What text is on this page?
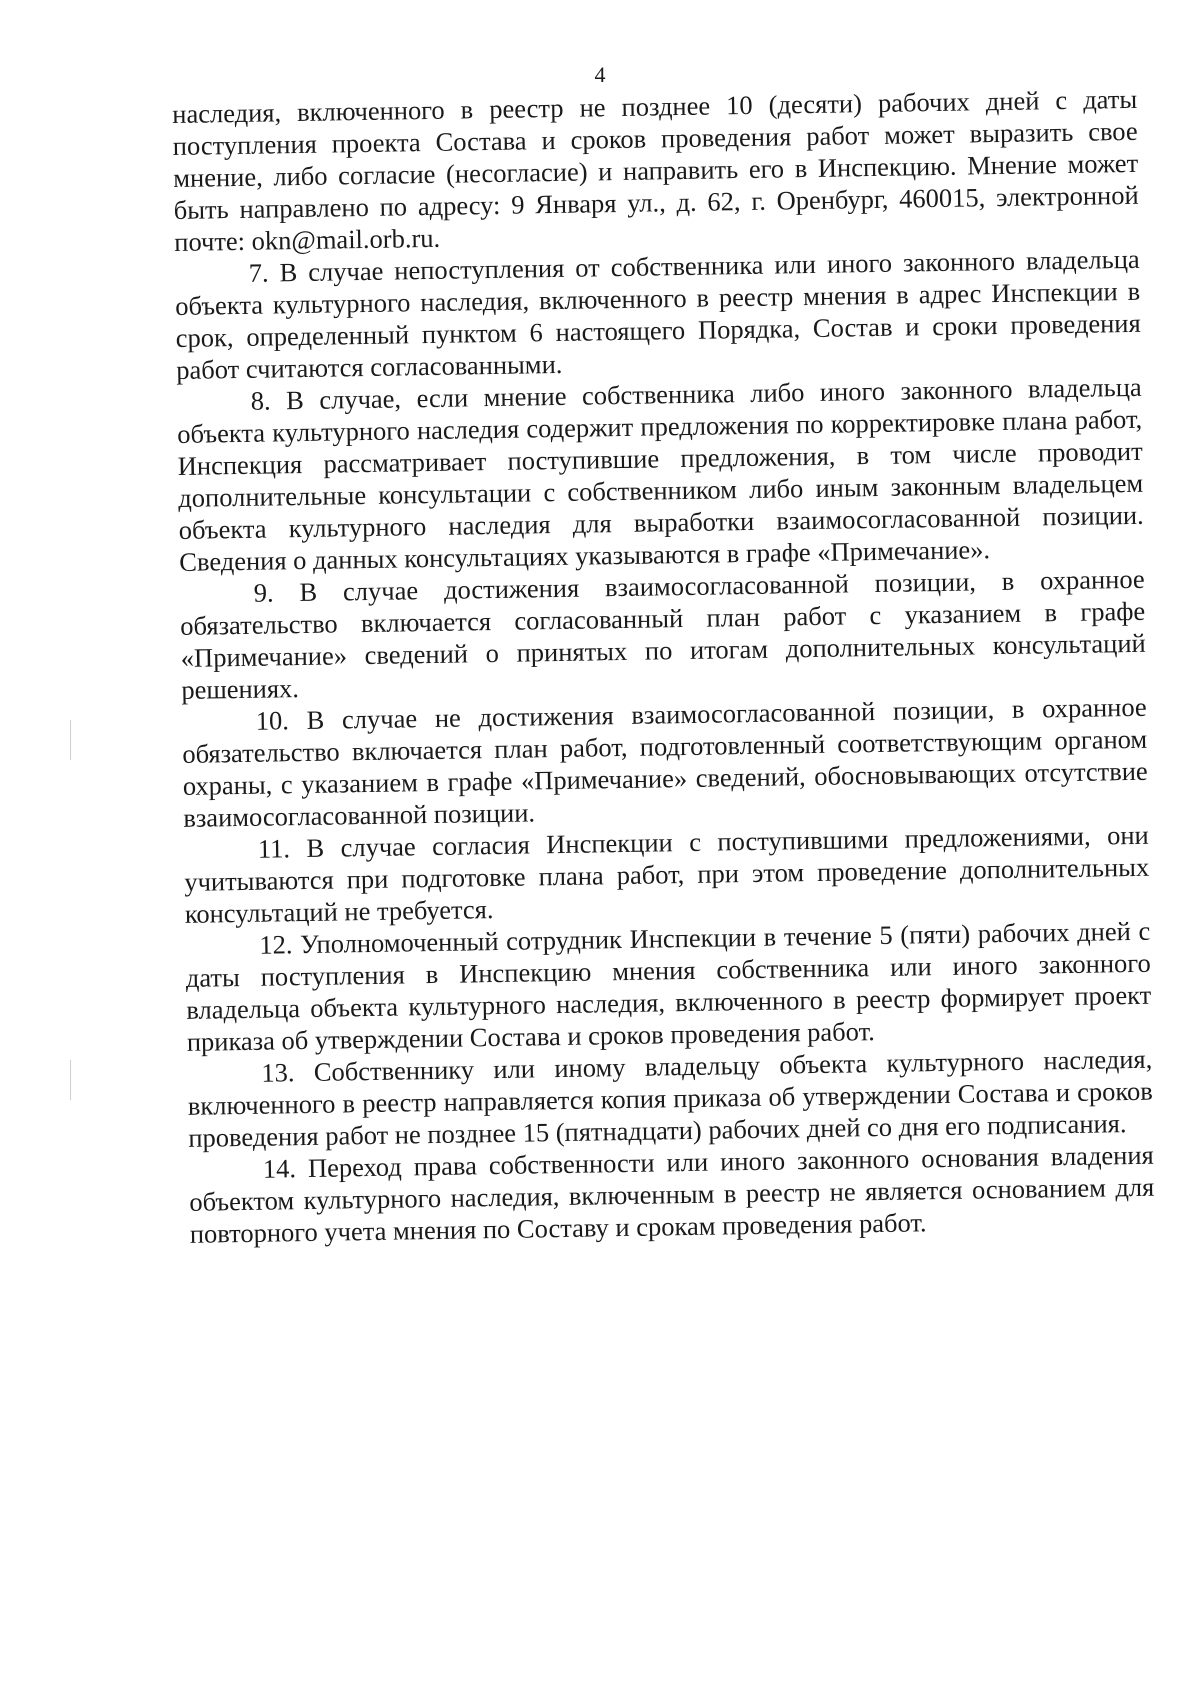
4

наследия, включенного в реестр не позднее 10 (десяти) рабочих дней с даты поступления проекта Состава и сроков проведения работ может выразить свое мнение, либо согласие (несогласие) и направить его в Инспекцию. Мнение может быть направлено по адресу: 9 Января ул., д. 62, г. Оренбург, 460015, электронной почте: okn@mail.orb.ru.

7. В случае непоступления от собственника или иного законного владельца объекта культурного наследия, включенного в реестр мнения в адрес Инспекции в срок, определенный пунктом 6 настоящего Порядка, Состав и сроки проведения работ считаются согласованными.

8. В случае, если мнение собственника либо иного законного владельца объекта культурного наследия содержит предложения по корректировке плана работ, Инспекция рассматривает поступившие предложения, в том числе проводит дополнительные консультации с собственником либо иным законным владельцем объекта культурного наследия для выработки взаимосогласованной позиции. Сведения о данных консультациях указываются в графе «Примечание».

9. В случае достижения взаимосогласованной позиции, в охранное обязательство включается согласованный план работ с указанием в графе «Примечание» сведений о принятых по итогам дополнительных консультаций решениях.

10. В случае не достижения взаимосогласованной позиции, в охранное обязательство включается план работ, подготовленный соответствующим органом охраны, с указанием в графе «Примечание» сведений, обосновывающих отсутствие взаимосогласованной позиции.

11. В случае согласия Инспекции с поступившими предложениями, они учитываются при подготовке плана работ, при этом проведение дополнительных консультаций не требуется.

12. Уполномоченный сотрудник Инспекции в течение 5 (пяти) рабочих дней с даты поступления в Инспекцию мнения собственника или иного законного владельца объекта культурного наследия, включенного в реестр формирует проект приказа об утверждении Состава и сроков проведения работ.

13. Собственнику или иному владельцу объекта культурного наследия, включенного в реестр направляется копия приказа об утверждении Состава и сроков проведения работ не позднее 15 (пятнадцати) рабочих дней со дня его подписания.

14. Переход права собственности или иного законного основания владения объектом культурного наследия, включенным в реестр не является основанием для повторного учета мнения по Составу и срокам проведения работ.
